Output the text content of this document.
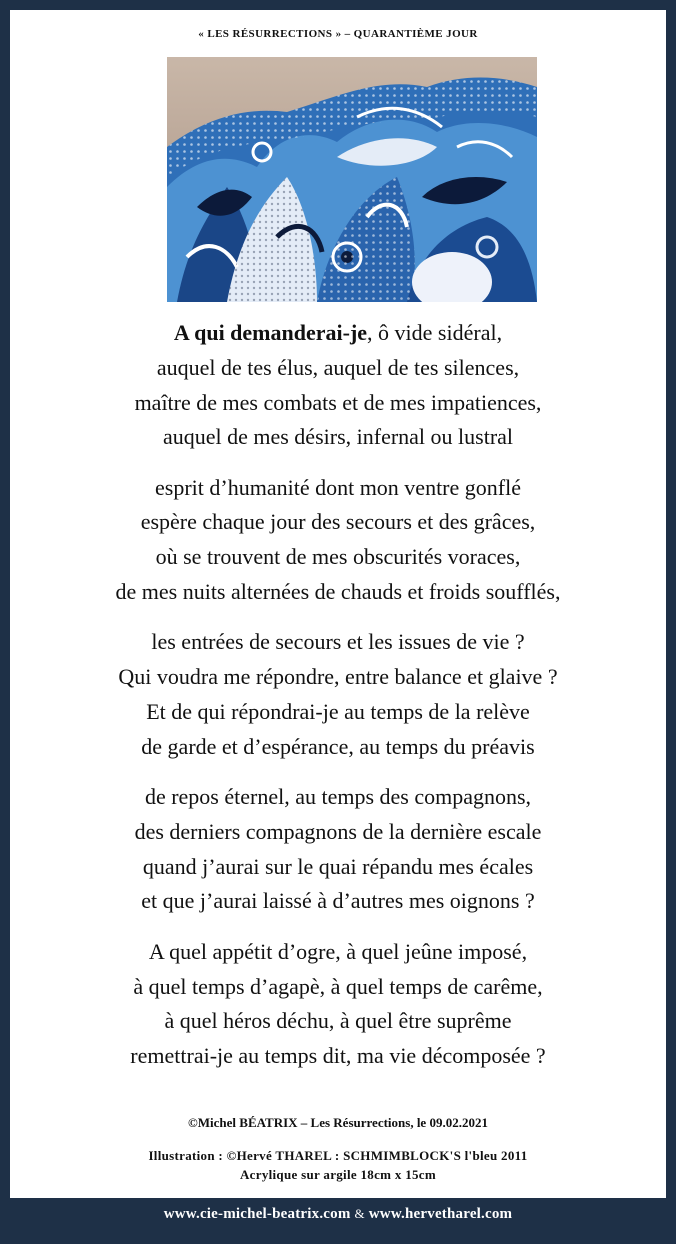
« LES RÉSURRECTIONS » – QUARANTIÈME JOUR
A qui demanderai-je, ô vide sidéral,
auquel de tes élus, auquel de tes silences,
maître de mes combats et de mes impatiences,
auquel de mes désirs, infernal ou lustral
esprit d’humanité dont mon ventre gonflé
espère chaque jour des secours et des grâces,
où se trouvent de mes obscurités voraces,
de mes nuits alternées de chauds et froids soufflés,
les entrées de secours et les issues de vie ?
Qui voudra me répondre, entre balance et glaive ?
Et de qui répondrai-je au temps de la relève
de garde et d’espérance, au temps du préavis
de repos éternel, au temps des compagnons,
des derniers compagnons de la dernière escale
quand j’aurai sur le quai répandu mes écales
et que j’aurai laissé à d’autres mes oignons ?
A quel appétit d’ogre, à quel jeûne imposé,
à quel temps d’agapè, à quel temps de carême,
à quel héros déchu, à quel être suprême
remettrai-je au temps dit, ma vie décomposée ?
©Michel BÉATRIX – Les Résurrections, le 09.02.2021
Illustration : ©Hervé THAREL : SCHMIMBLOCK'S l'bleu 2011
Acrylique sur argile 18cm x 15cm
www.cie-michel-beatrix.com & www.hervetharel.com
